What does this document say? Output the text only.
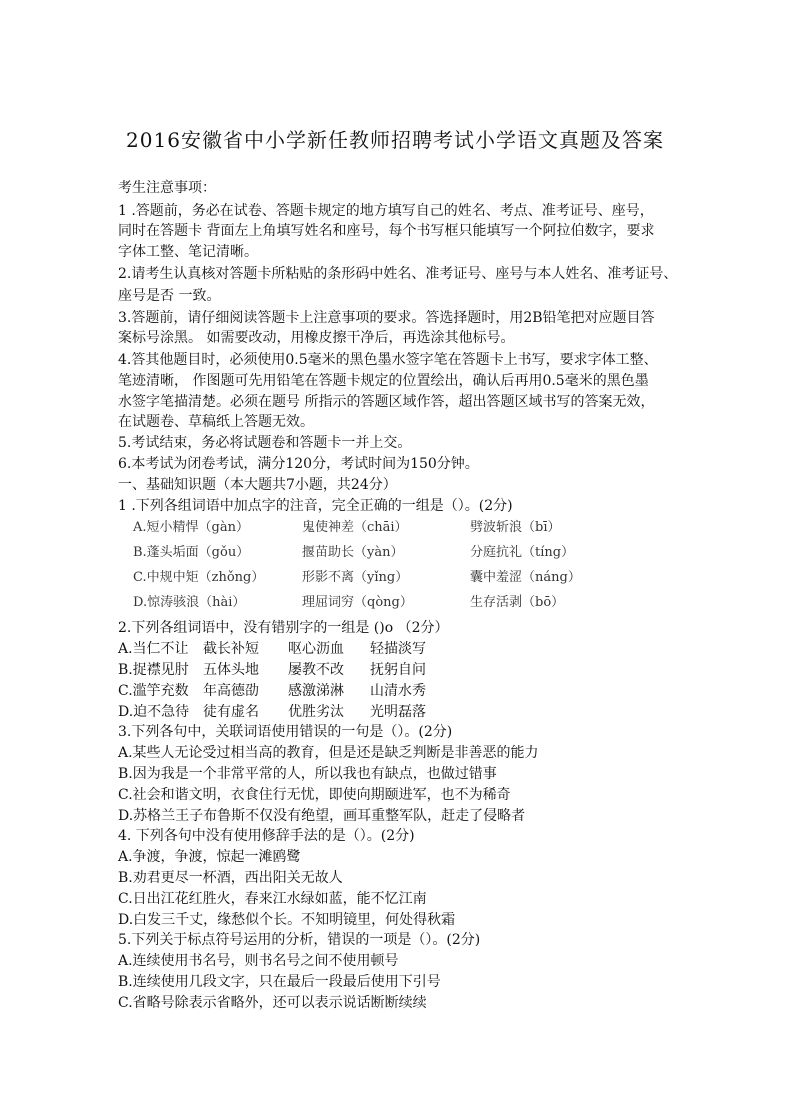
2016安徽省中小学新任教师招聘考试小学语文真题及答案
考生注意事项：
1 .答题前，务必在试卷、答题卡规定的地方填写自己的姓名、考点、准考证号、座号，
同时在答题卡 背面左上角填写姓名和座号，每个书写框只能填写一个阿拉伯数字，要求
字体工整、笔记清晰。
2.请考生认真核对答题卡所粘贴的条形码中姓名、准考证号、座号与本人姓名、准考证号、
座号是否 一致。
3.答题前，请仔细阅读答题卡上注意事项的要求。答选择题时，用2B铅笔把对应题目答
案标号涂黑。 如需要改动，用橡皮擦干净后，再选涂其他标号。
4.答其他题目时，必须使用0.5毫米的黑色墨水签字笔在答题卡上书写，要求字体工整、
笔迹清晰， 作图题可先用铅笔在答题卡规定的位置绘出，确认后再用0.5毫米的黑色墨
水签字笔描清楚。必须在题号 所指示的答题区域作答，超出答题区域书写的答案无效，
在试题卷、草稿纸上答题无效。
5.考试结束，务必将试题卷和答题卡一并上交。
6.本考试为闭卷考试，满分120分，考试时间为150分钟。
一、基础知识题（本大题共7小题，共24分）
1 .下列各组词语中加点字的注音，完全正确的一组是（）。(2分)
A.短小精悍（gàn）	鬼使神差（chāi）	劈波斩浪（bī）
B.蓬头垢面（gǒu）	揠苗助长（yàn）	分庭抗礼（tíng）
C.中规中矩（zhǒng）	形影不离（yǐng）	囊中羞涩（náng）
D.惊涛骇浪（hài）	理屈词穷（qòng）	生存活剥（bō）
2.下列各组词语中，没有错别字的一组是 ()o （2分）
A.当仁不让 截长补短 呕心沥血 轻描淡写
B.捉襟见肘 五体头地 屡教不改 抚躬自问
C.滥竽充数 年高德劭 感激涕淋 山清水秀
D.迫不急待 徒有虚名 优胜劣汰 光明磊落
3.下列各句中，关联词语使用错误的一句是（）。(2分)
A.某些人无论受过相当高的教育，但是还是缺乏判断是非善恶的能力
B.因为我是一个非常平常的人，所以我也有缺点，也做过错事
C.社会和谐文明，衣食住行无忧，即使向期颐进军，也不为稀奇
D.苏格兰王子布鲁斯不仅没有绝望，画耳重整军队，赶走了侵略者
4. 下列各句中没有使用修辞手法的是（）。(2分)
A.争渡，争渡，惊起一滩鸥鹭
B.劝君更尽一杯酒，西出阳关无故人
C.日出江花红胜火，春来江水绿如蓝，能不忆江南
D.白发三千丈，缘愁似个长。不知明镜里，何处得秋霜
5.下列关于标点符号运用的分析，错误的一项是（）。(2分)
A.连续使用书名号，则书名号之间不使用顿号
B.连续使用几段文字，只在最后一段最后使用下引号
C.省略号除表示省略外，还可以表示说话断断续续
